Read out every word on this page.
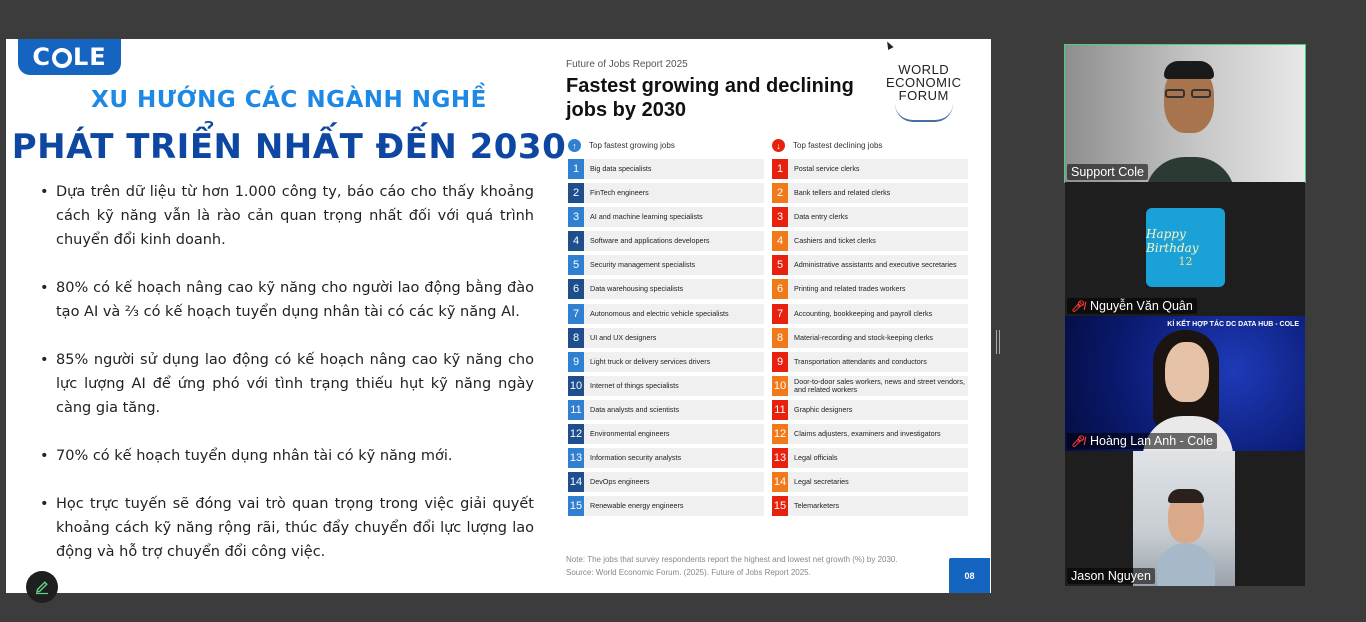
C LE
XU HƯỚNG CÁC NGÀNH NGHỀ
PHÁT TRIỂN NHẤT ĐẾN 2030
• Dựa trên dữ liệu từ hơn 1.000 công ty, báo cáo cho thấy khoảng cách kỹ năng vẫn là rào cản quan trọng nhất đối với quá trình chuyển đổi kinh doanh.
• 80% có kế hoạch nâng cao kỹ năng cho người lao động bằng đào tạo AI và ⅔ có kế hoạch tuyển dụng nhân tài có các kỹ năng AI.
• 85% người sử dụng lao động có kế hoạch nâng cao kỹ năng cho lực lượng AI để ứng phó với tình trạng thiếu hụt kỹ năng ngày càng gia tăng.
• 70% có kế hoạch tuyển dụng nhân tài có kỹ năng mới.
• Học trực tuyến sẽ đóng vai trò quan trọng trong việc giải quyết khoảng cách kỹ năng rộng rãi, thúc đẩy chuyển đổi lực lượng lao động và hỗ trợ chuyển đổi công việc.
Future of Jobs Report 2025
Fastest growing and declining jobs by 2030
WORLD
ECONOMIC
FORUM
↑	Top fastest growing jobs	↓	Top fastest declining jobs
1	Big data specialists
2	FinTech engineers
3	AI and machine learning specialists
4	Software and applications developers
5	Security management specialists
6	Data warehousing specialists
7	Autonomous and electric vehicle specialists
8	UI and UX designers
9	Light truck or delivery services drivers
10	Internet of things specialists
11	Data analysts and scientists
12	Environmental engineers
13	Information security analysts
14	DevOps engineers
15	Renewable energy engineers
1	Postal service clerks
2	Bank tellers and related clerks
3	Data entry clerks
4	Cashiers and ticket clerks
5	Administrative assistants and executive secretaries
6	Printing and related trades workers
7	Accounting, bookkeeping and payroll clerks
8	Material-recording and stock-keeping clerks
9	Transportation attendants and conductors
10	Door-to-door sales workers, news and street vendors, and related workers
11	Graphic designers
12	Claims adjusters, examiners and investigators
13	Legal officials
14	Legal secretaries
15	Telemarketers
Note: The jobs that survey respondents report the highest and lowest net growth (%) by 2030.
Source: World Economic Forum. (2025). Future of Jobs Report 2025.	08
Support Cole
Happy Birthday
12
🎤︎̸ Nguyễn Văn Quân
KÍ KẾT HỢP TÁC DC DATA HUB - COLE
🎤︎̸ Hoàng Lan Anh - Cole
Jason Nguyen
